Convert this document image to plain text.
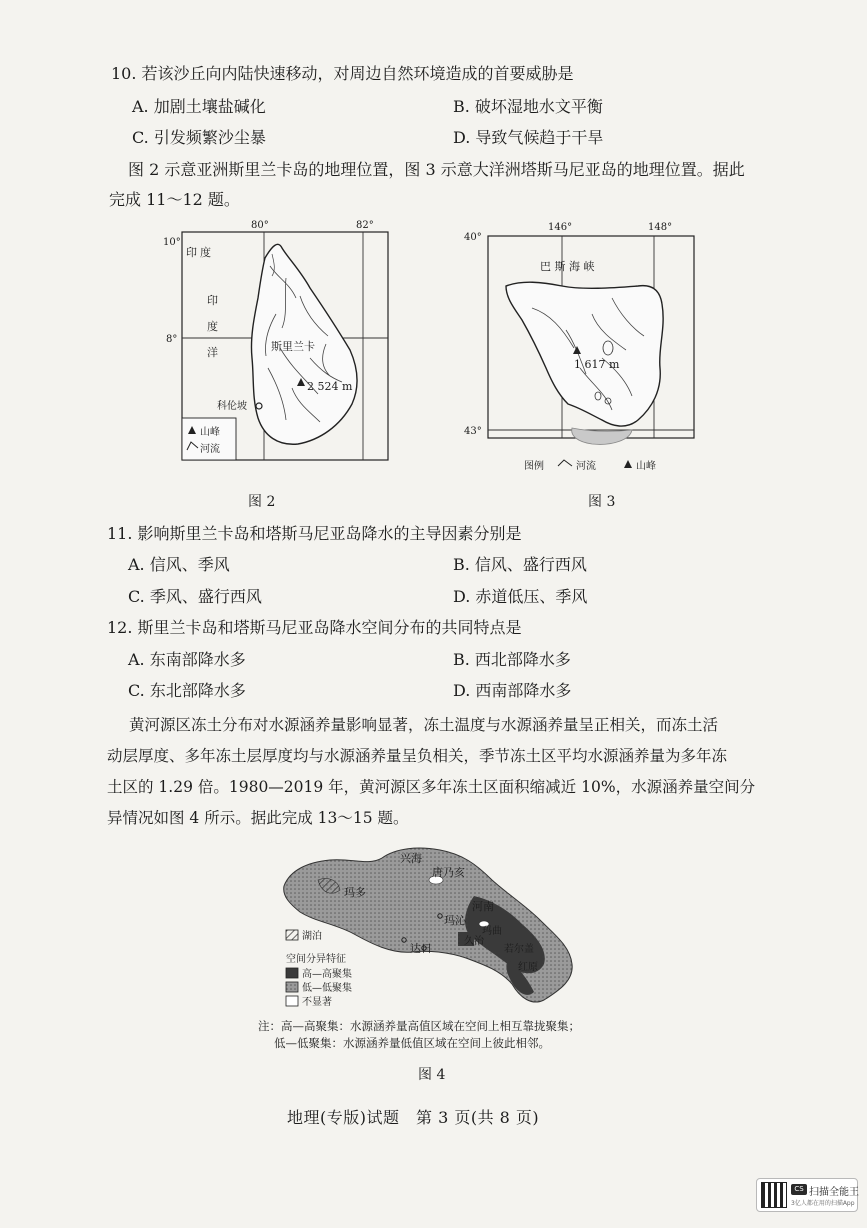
10. 若该沙丘向内陆快速移动，对周边自然环境造成的首要威胁是
A. 加剧土壤盐碱化	B. 破坏湿地水文平衡
C. 引发频繁沙尘暴	D. 导致气候趋于干旱
图 2 示意亚洲斯里兰卡岛的地理位置，图 3 示意大洋洲塔斯马尼亚岛的地理位置。据此
完成 11～12 题。
80°	82°
10°
8°
印 度
印
度
洋	斯里兰卡
2 524 m
科伦坡
山峰
河流
图 2
146°	148°
40°
43°
巴 斯 海 峡
1 617 m
图例	河流	山峰
图 3
11. 影响斯里兰卡岛和塔斯马尼亚岛降水的主导因素分别是
A. 信风、季风	B. 信风、盛行西风
C. 季风、盛行西风	D. 赤道低压、季风
12. 斯里兰卡岛和塔斯马尼亚岛降水空间分布的共同特点是
A. 东南部降水多	B. 西北部降水多
C. 东北部降水多	D. 西南部降水多
黄河源区冻土分布对水源涵养量影响显著，冻土温度与水源涵养量呈正相关，而冻土活
动层厚度、多年冻土层厚度均与水源涵养量呈负相关，季节冻土区平均水源涵养量为多年冻
土区的 1.29 倍。1980—2019 年，黄河源区多年冻土区面积缩减近 10%，水源涵养量空间分
异情况如图 4 所示。据此完成 13～15 题。
兴海
唐乃亥
玛多
河南
玛沁
玛曲
达日
久治
若尔盖
红原
湖泊
空间分异特征
高—高聚集
低—低聚集
不显著
注：高—高聚集：水源涵养量高值区域在空间上相互靠拢聚集；
低—低聚集：水源涵养量低值区域在空间上彼此相邻。
图 4
地理(专版)试题　第 3 页(共 8 页)
CS 扫描全能王
3亿人都在用的扫描App
